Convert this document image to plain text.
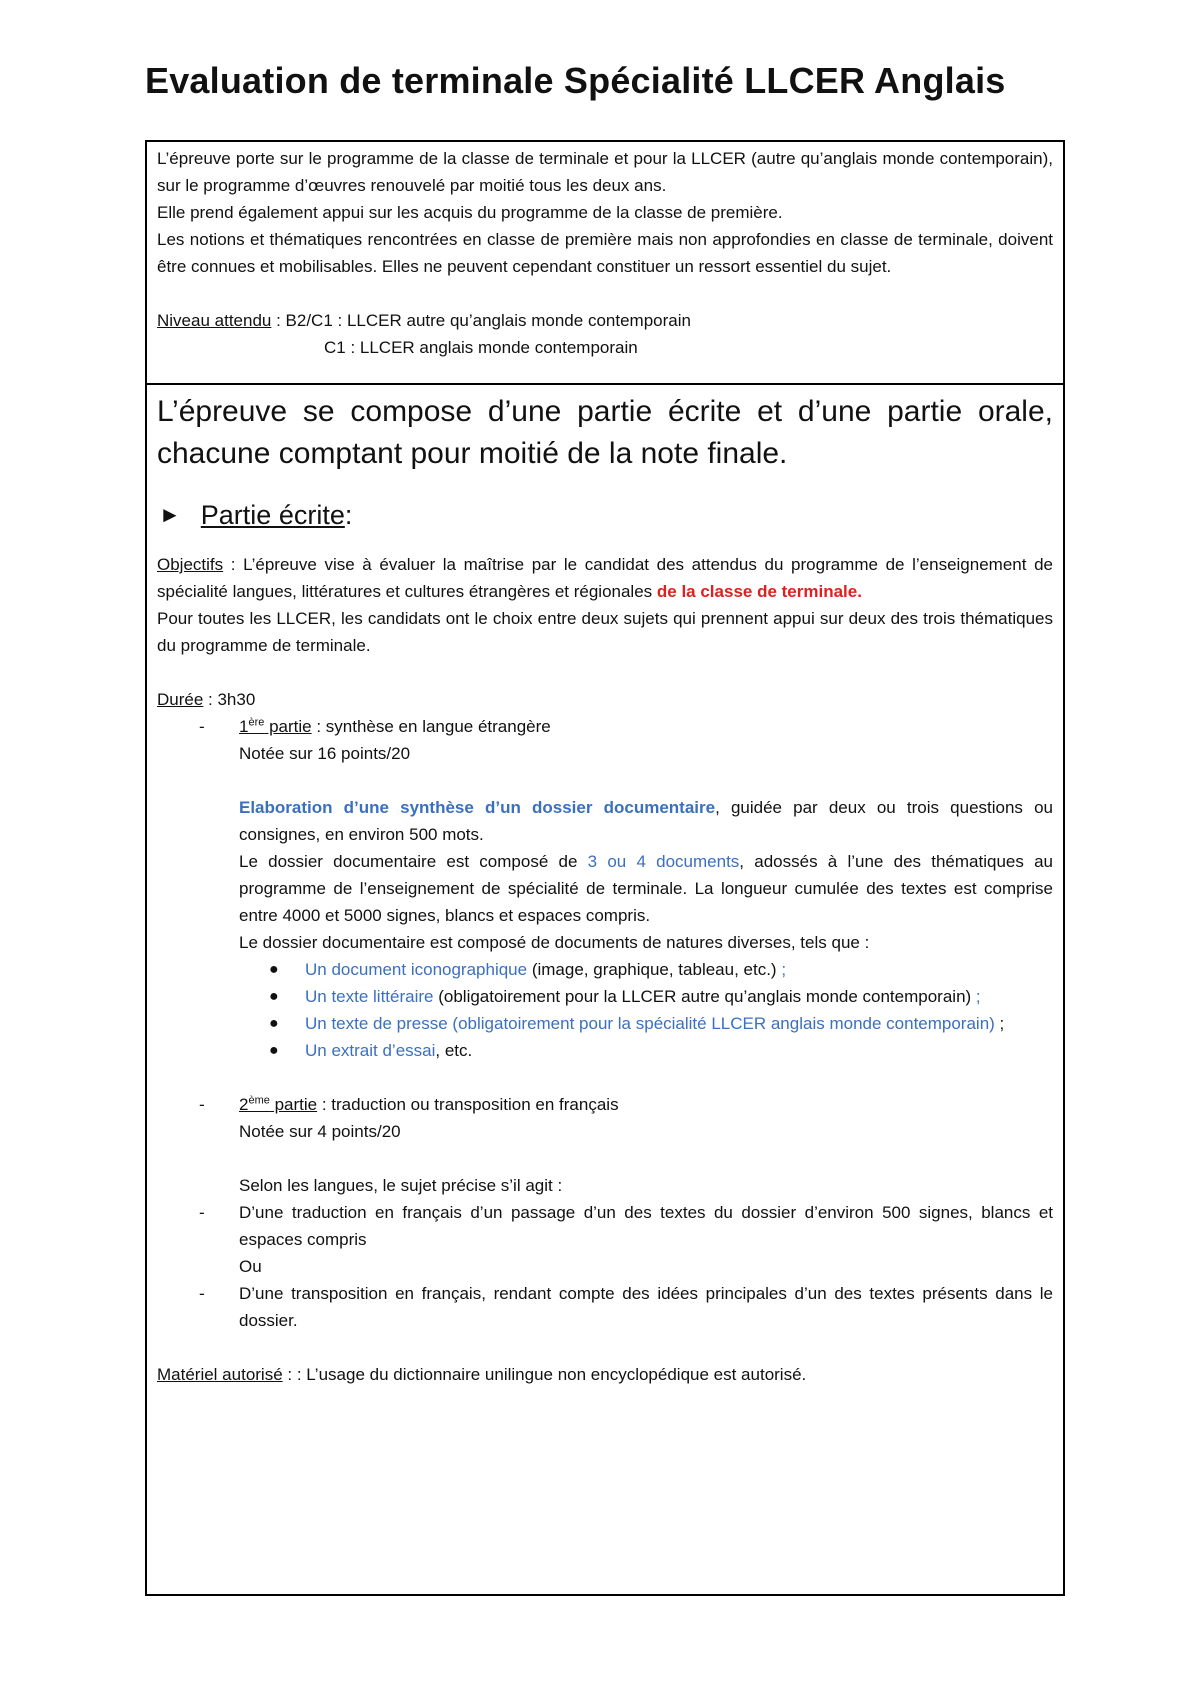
Evaluation de terminale Spécialité LLCER Anglais

L’épreuve porte sur le programme de la classe de terminale et pour la LLCER (autre qu’anglais monde contemporain), sur le programme d’œuvres renouvelé par moitié tous les deux ans.

Elle prend également appui sur les acquis du programme de la classe de première.

Les notions et thématiques rencontrées en classe de première mais non approfondies en classe de terminale, doivent être connues et mobilisables. Elles ne peuvent cependant constituer un ressort essentiel du sujet.

Niveau attendu : B2/C1 : LLCER autre qu’anglais monde contemporain

C1 : LLCER anglais monde contemporain

L’épreuve se compose d’une partie écrite et d’une partie orale, chacune comptant pour moitié de la note finale.

► Partie écrite :

Objectifs : L’épreuve vise à évaluer la maîtrise par le candidat des attendus du programme de l’enseignement de spécialité langues, littératures et cultures étrangères et régionales de la classe de terminale.

Pour toutes les LLCER, les candidats ont le choix entre deux sujets qui prennent appui sur deux des trois thématiques du programme de terminale.

Durée : 3h30

-	1ère partie : synthèse en langue étrangère

Notée sur 16 points/20

Elaboration d’une synthèse d’un dossier documentaire, guidée par deux ou trois questions ou consignes, en environ 500 mots.

Le dossier documentaire est composé de 3 ou 4 documents, adossés à l’une des thématiques au programme de l’enseignement de spécialité de terminale. La longueur cumulée des textes est comprise entre 4000 et 5000 signes, blancs et espaces compris.

Le dossier documentaire est composé de documents de natures diverses, tels que :

●	Un document iconographique (image, graphique, tableau, etc.) ;
●	Un texte littéraire (obligatoirement pour la LLCER autre qu’anglais monde contemporain) ;
●	Un texte de presse (obligatoirement pour la spécialité LLCER anglais monde contemporain) ;
●	Un extrait d’essai, etc.
-	2ème partie : traduction ou transposition en français

Notée sur 4 points/20

Selon les langues, le sujet précise s’il agit :

-	D’une traduction en français d’un passage d’un des textes du dossier d’environ 500 signes, blancs et espaces compris

Ou

-	D’une transposition en français, rendant compte des idées principales d’un des textes présents dans le dossier.

Matériel autorisé : : L’usage du dictionnaire unilingue non encyclopédique est autorisé.
